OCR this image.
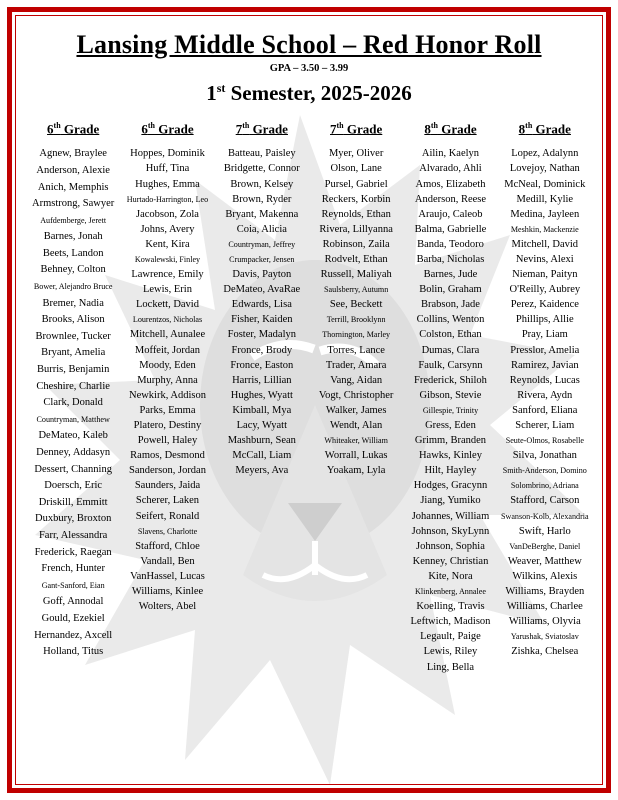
Lansing Middle School – Red Honor Roll
GPA – 3.50 – 3.99
1st Semester, 2025-2026
6th Grade
Agnew, Braylee
Anderson, Alexie
Anich, Memphis
Armstrong, Sawyer
Aufdemberge, Jerett
Barnes, Jonah
Beets, Landon
Behney, Colton
Bower, Alejandro Bruce
Bremer, Nadia
Brooks, Alison
Brownlee, Tucker
Bryant, Amelia
Burris, Benjamin
Cheshire, Charlie
Clark, Donald
Countryman, Matthew
DeMateo, Kaleb
Denney, Addasyn
Dessert, Channing
Doersch, Eric
Driskill, Emmitt
Duxbury, Broxton
Farr, Alessandra
Frederick, Raegan
French, Hunter
Gant-Sanford, Eian
Goff, Annodal
Gould, Ezekiel
Hernandez, Axcell
Holland, Titus
6th Grade
Hoppes, Dominik
Huff, Tina
Hughes, Emma
Hurtado-Harrington, Leo
Jacobson, Zola
Johns, Avery
Kent, Kira
Kowalewski, Finley
Lawrence, Emily
Lewis, Erin
Lockett, David
Lourentzos, Nicholas
Mitchell, Aunalee
Moffeit, Jordan
Moody, Eden
Murphy, Anna
Newkirk, Addison
Parks, Emma
Platero, Destiny
Powell, Haley
Ramos, Desmond
Sanderson, Jordan
Saunders, Jaida
Scherer, Laken
Seifert, Ronald
Slavens, Charlotte
Stafford, Chloe
Vandall, Ben
VanHassel, Lucas
Williams, Kinlee
Wolters, Abel
7th Grade
Batteau, Paisley
Bridgette, Connor
Brown, Kelsey
Brown, Ryder
Bryant, Makenna
Coia, Alicia
Countryman, Jeffrey
Crumpacker, Jensen
Davis, Payton
DeMateo, AvaRae
Edwards, Lisa
Fisher, Kaiden
Foster, Madalyn
Fronce, Brody
Fronce, Easton
Harris, Lillian
Hughes, Wyatt
Kimball, Mya
Lacy, Wyatt
Mashburn, Sean
McCall, Liam
Meyers, Ava
7th Grade
Myer, Oliver
Olson, Lane
Pursel, Gabriel
Reckers, Korbin
Reynolds, Ethan
Rivera, Lillyanna
Robinson, Zaila
Rodvelt, Ethan
Russell, Maliyah
Saulsberry, Autumn
See, Beckett
Terrill, Brooklynn
Thornington, Marley
Torres, Lance
Trader, Amara
Vang, Aidan
Vogt, Christopher
Walker, James
Wendt, Alan
Whiteaker, William
Worrall, Lukas
Yoakam, Lyla
8th Grade
Ailin, Kaelyn
Alvarado, Ahli
Amos, Elizabeth
Anderson, Reese
Araujo, Caleob
Balma, Gabrielle
Banda, Teodoro
Barba, Nicholas
Barnes, Jude
Bolin, Graham
Brabson, Jade
Collins, Wenton
Colston, Ethan
Dumas, Clara
Faulk, Carsynn
Frederick, Shiloh
Gibson, Stevie
Gillespie, Trinity
Gress, Eden
Grimm, Branden
Hawks, Kinley
Hilt, Hayley
Hodges, Gracynn
Jiang, Yumiko
Johannes, William
Johnson, SkyLynn
Johnson, Sophia
Kenney, Christian
Kite, Nora
Klinkenberg, Annalee
Koelling, Travis
Leftwich, Madison
Legault, Paige
Lewis, Riley
Ling, Bella
8th Grade
Lopez, Adalynn
Lovejoy, Nathan
McNeal, Dominick
Medill, Kylie
Medina, Jayleen
Meshkin, Mackenzie
Mitchell, David
Nevins, Alexi
Nieman, Paityn
O'Reilly, Aubrey
Perez, Kaidence
Phillips, Allie
Pray, Liam
Presslor, Amelia
Ramirez, Javian
Reynolds, Lucas
Rivera, Aydn
Sanford, Eliana
Scherer, Liam
Seute-Olmos, Rosabelle
Silva, Jonathan
Smith-Anderson, Domino
Solombrino, Adriana
Stafford, Carson
Swanson-Kolb, Alexandria
Swift, Harlo
VanDeBerghe, Daniel
Weaver, Matthew
Wilkins, Alexis
Williams, Brayden
Williams, Charlee
Williams, Olyvia
Yarushak, Sviatoslav
Zishka, Chelsea
